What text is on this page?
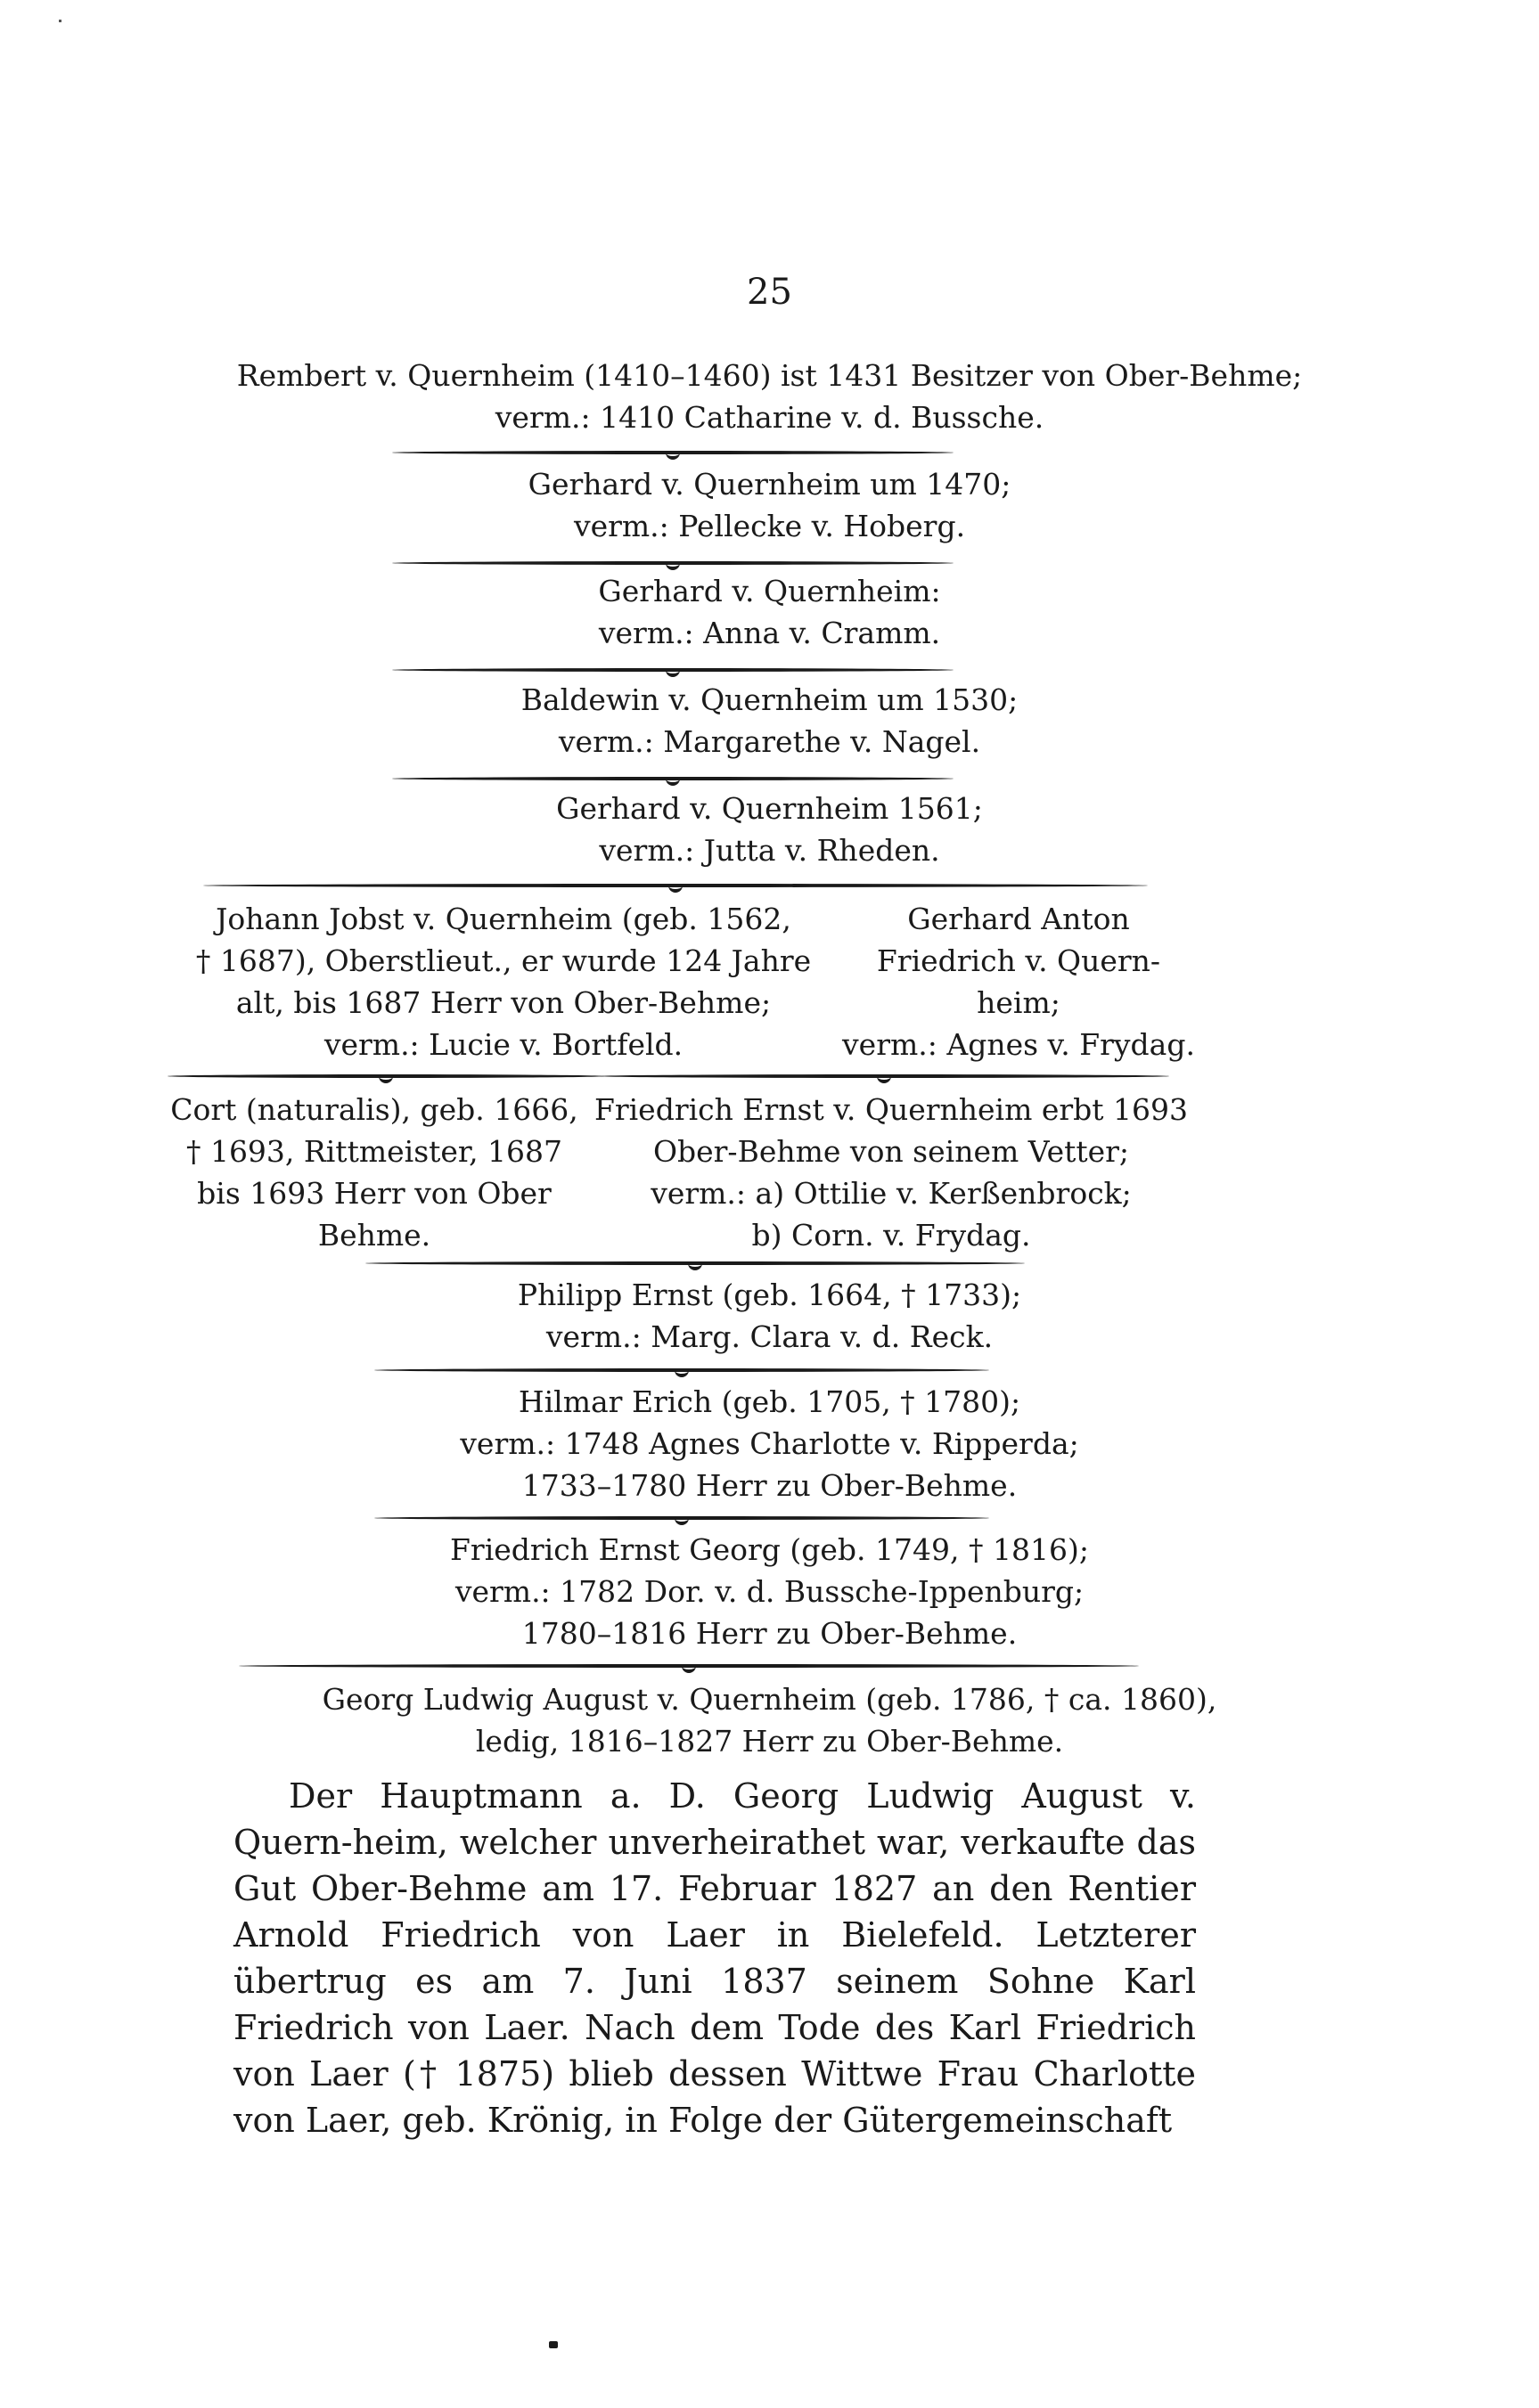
25
Rembert v. Quernheim (1410–1460) ist 1431 Besitzer von Ober-Behme;
verm.: 1410 Catharine v. d. Bussche.
Gerhard v. Quernheim um 1470;
verm.: Pellecke v. Hoberg.
Gerhard v. Quernheim:
verm.: Anna v. Cramm.
Baldewin v. Quernheim um 1530;
verm.: Margarethe v. Nagel.
Gerhard v. Quernheim 1561;
verm.: Jutta v. Rheden.
Johann Jobst v. Quernheim (geb. 1562,
† 1687), Oberstlieut., er wurde 124 Jahre
alt, bis 1687 Herr von Ober-Behme;
verm.: Lucie v. Bortfeld.
Gerhard Anton
Friedrich v. Quern-
heim;
verm.: Agnes v. Frydag.
Cort (naturalis), geb. 1666,
† 1693, Rittmeister, 1687
bis 1693 Herr von Ober
Behme.
Friedrich Ernst v. Quernheim erbt 1693
Ober-Behme von seinem Vetter;
verm.: a) Ottilie v. Kerßenbrock;
b) Corn. v. Frydag.
Philipp Ernst (geb. 1664, † 1733);
verm.: Marg. Clara v. d. Reck.
Hilmar Erich (geb. 1705, † 1780);
verm.: 1748 Agnes Charlotte v. Ripperda;
1733–1780 Herr zu Ober-Behme.
Friedrich Ernst Georg (geb. 1749, † 1816);
verm.: 1782 Dor. v. d. Bussche-Ippenburg;
1780–1816 Herr zu Ober-Behme.
Georg Ludwig August v. Quernheim (geb. 1786, † ca. 1860),
ledig, 1816–1827 Herr zu Ober-Behme.

Der Hauptmann a. D. Georg Ludwig August v. Quern-heim, welcher unverheirathet war, verkaufte das Gut Ober-Behme am 17. Februar 1827 an den Rentier Arnold Friedrich von Laer in Bielefeld. Letzterer übertrug es am 7. Juni 1837 seinem Sohne Karl Friedrich von Laer. Nach dem Tode des Karl Friedrich von Laer († 1875) blieb dessen Wittwe Frau Charlotte von Laer, geb. Krönig, in Folge der Gütergemeinschaft
